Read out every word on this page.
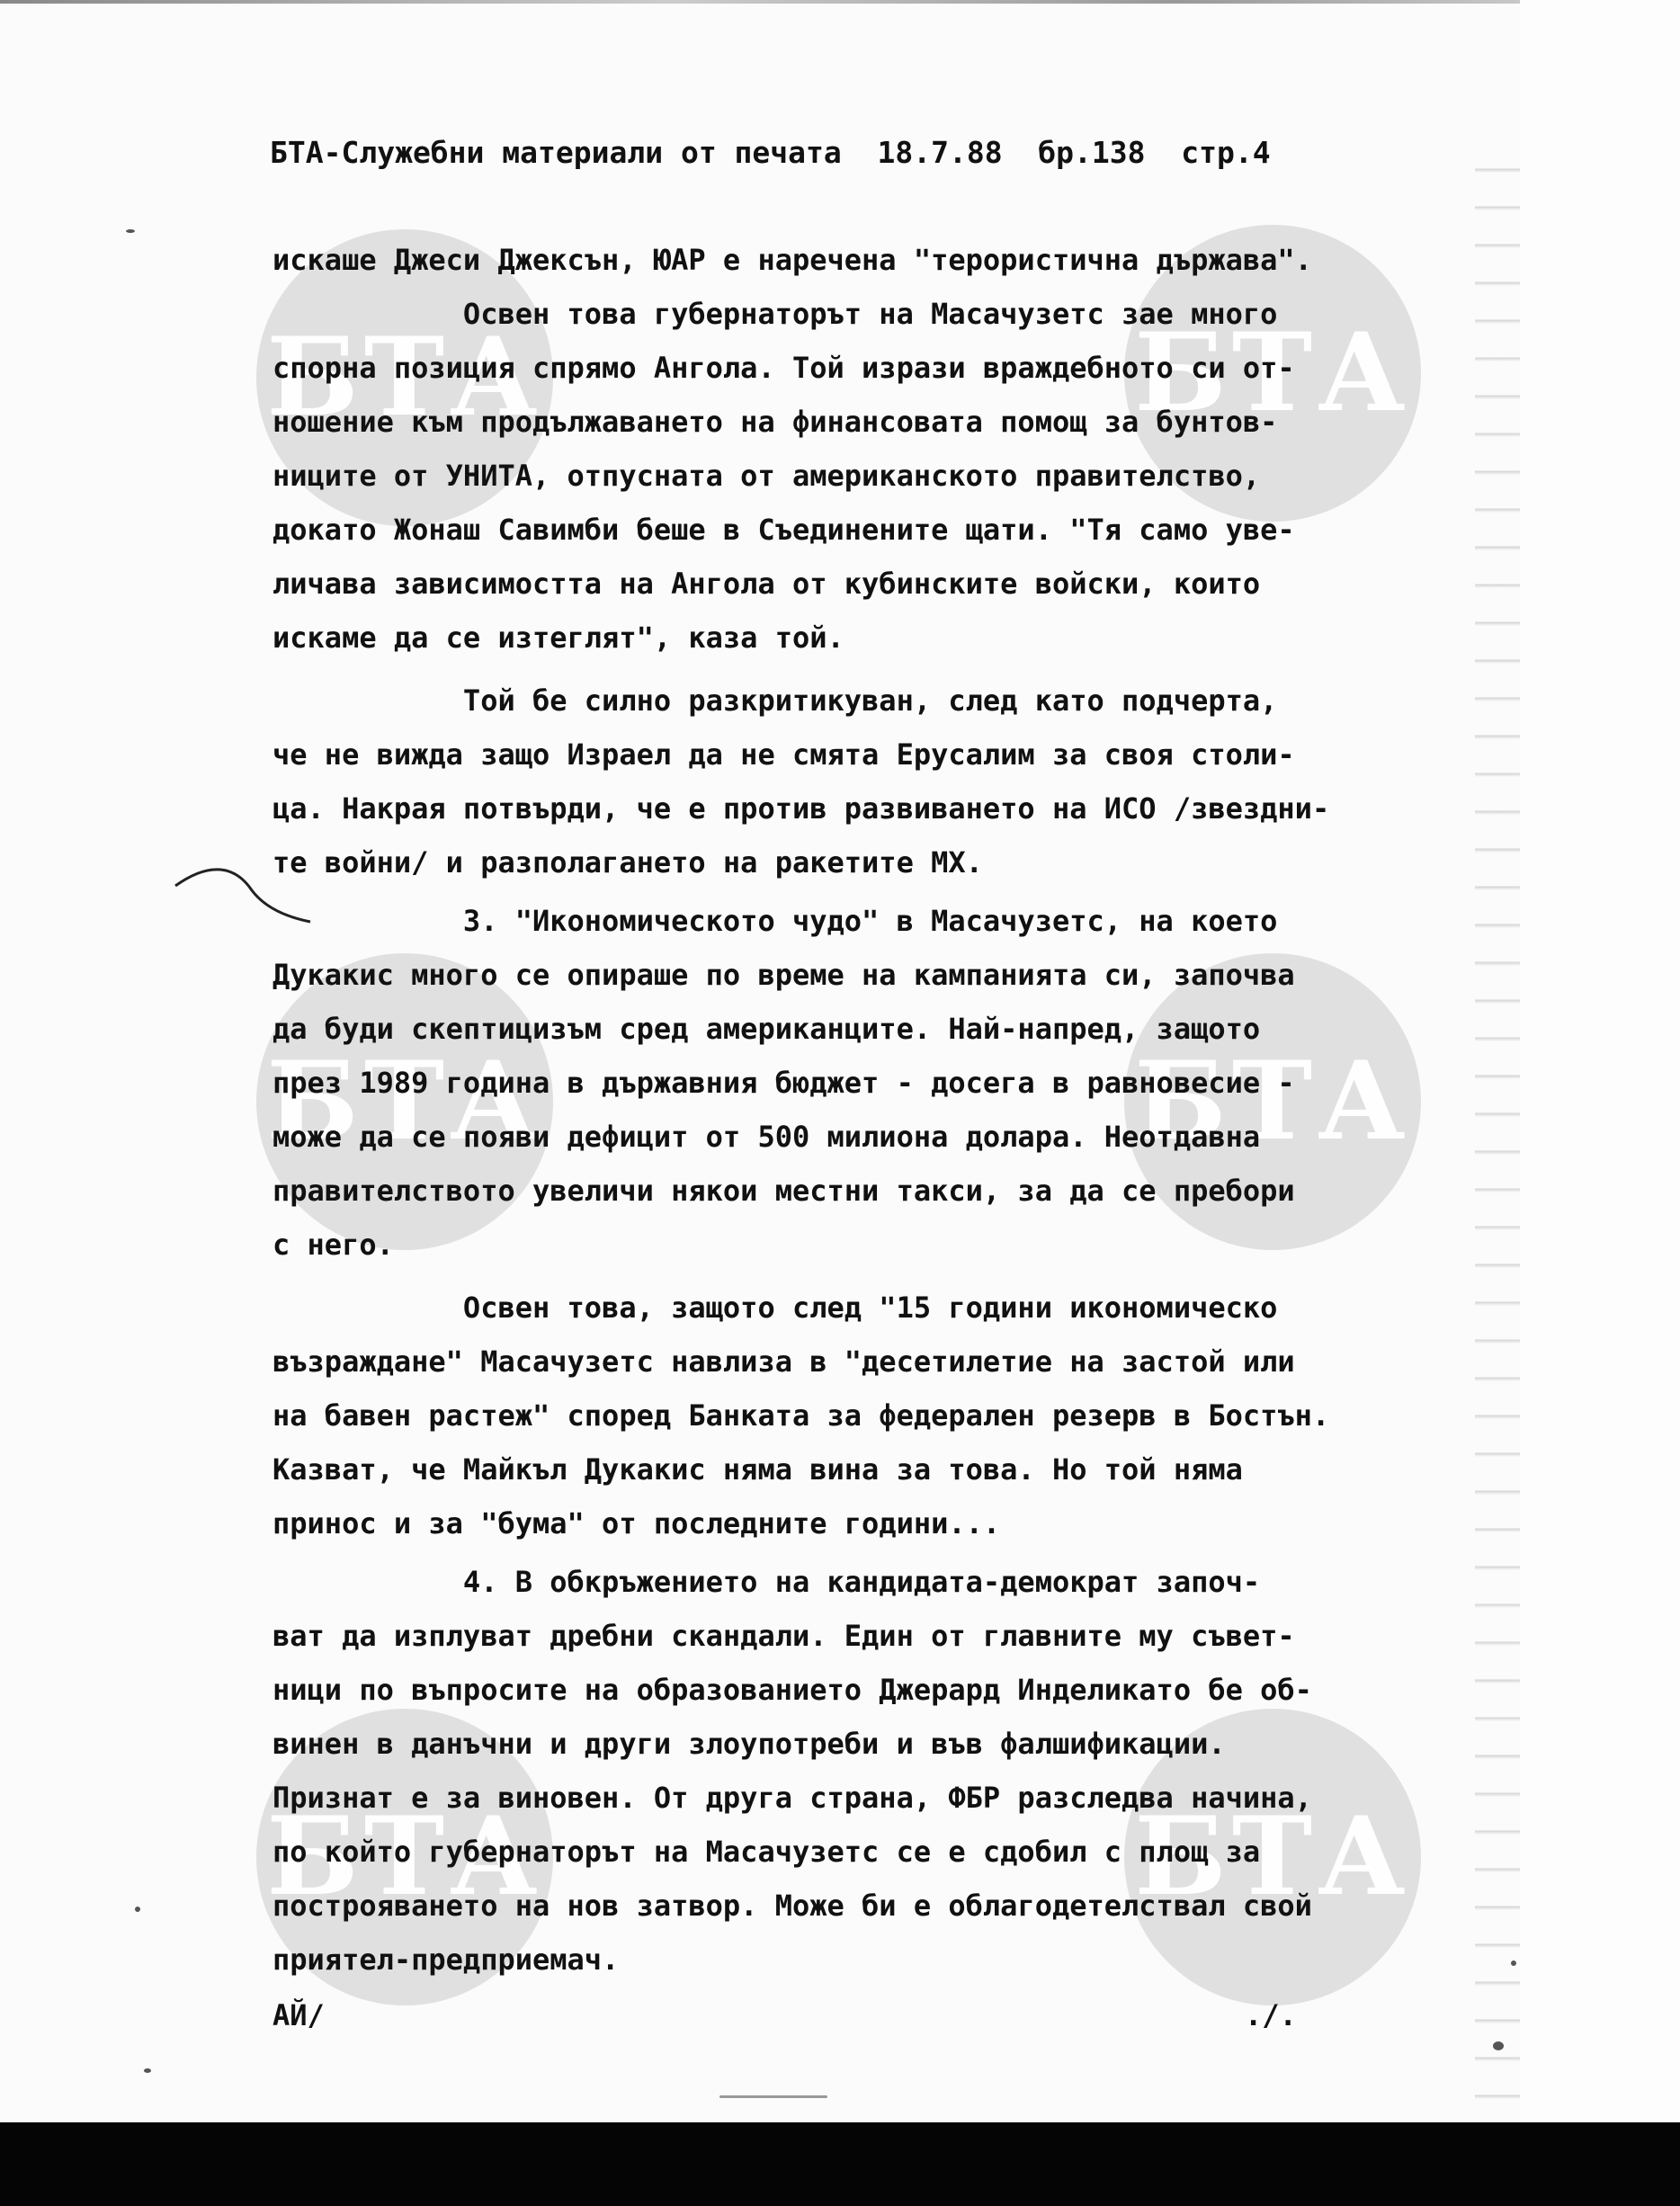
БТА	БТА
БТА	БТА
БТА	БТА
БТА-Служебни материали от печата  18.7.88  бр.138  стр.4

искаше Джеси Джексън, ЮАР е наречена "терористична държава".

Освен това губернаторът на Масачузетс зае много

спорна позиция спрямо Ангола. Той изрази враждебното си от-

ношение към продължаването на финансовата помощ за бунтов-

ниците от УНИТА, отпусната от американското правителство,

докато Жонаш Савимби беше в Съединените щати. "Тя само уве-

личава зависимостта на Ангола от кубинските войски, които

искаме да се изтеглят", каза той.

Той бе силно разкритикуван, след като подчерта,

че не вижда защо Израел да не смята Ерусалим за своя столи-

ца. Накрая потвърди, че е против развиването на ИСО /звездни-

те войни/ и разполагането на ракетите МХ.

3. "Икономическото чудо" в Масачузетс, на което

Дукакис много се опираше по време на кампанията си, започва

да буди скептицизъм сред американците. Най-напред, защото

през 1989 година в държавния бюджет - досега в равновесие -

може да се появи дефицит от 500 милиона долара. Неотдавна

правителството увеличи някои местни такси, за да се пребори

с него.

Освен това, защото след "15 години икономическо

възраждане" Масачузетс навлиза в "десетилетие на застой или

на бавен растеж" според Банката за федерален резерв в Бостън.

Казват, че Майкъл Дукакис няма вина за това. Но той няма

принос и за "бума" от последните години...

4. В обкръжението на кандидата-демократ започ-

ват да изплуват дребни скандали. Един от главните му съвет-

ници по въпросите на образованието Джерард Инделикато бе об-

винен в данъчни и други злоупотреби и във фалшификации.

Признат е за виновен. От друга страна, ФБР разследва начина,

по който губернаторът на Масачузетс се е сдобил с площ за

построяването на нов затвор. Може би е облагодетелствал свой

приятел-предприемач.

АЙ/	./.
